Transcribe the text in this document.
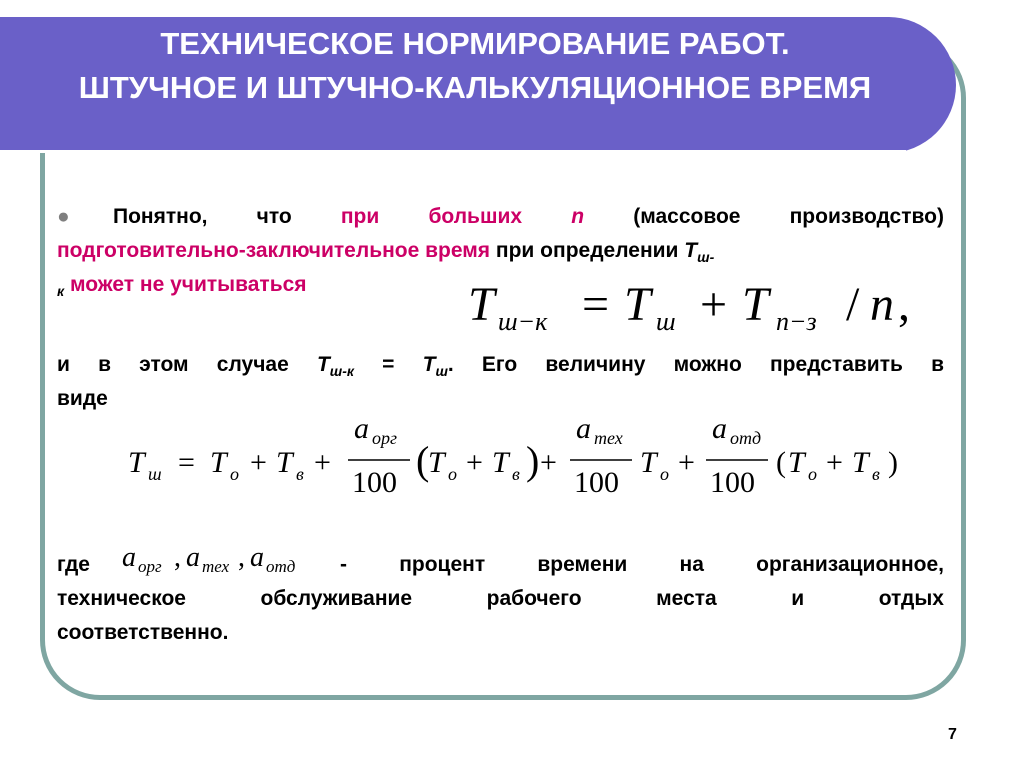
ТЕХНИЧЕСКОЕ НОРМИРОВАНИЕ РАБОТ.
ШТУЧНОЕ И ШТУЧНО-КАЛЬКУЛЯЦИОННОЕ ВРЕМЯ
●Понятно, что при больших n (массовое производство)
подготовительно-заключительное время при определении $Т_{ш-}$
$_к$ может не учитываться	T ш−к = T ш + T п−з / n ,
и в этом случае $Т_{ш-к} = Т_ш$. Его величину можно представить в
виде
T ш = T о + T в +
a орг
100 (
T о + T в ) +
a тех
100
T о +
a отд
100
( T о + T в )
где a орг , a тех , a отд - процент времени на организационное,
техническое обслуживание рабочего места и отдых
соответственно.
7
